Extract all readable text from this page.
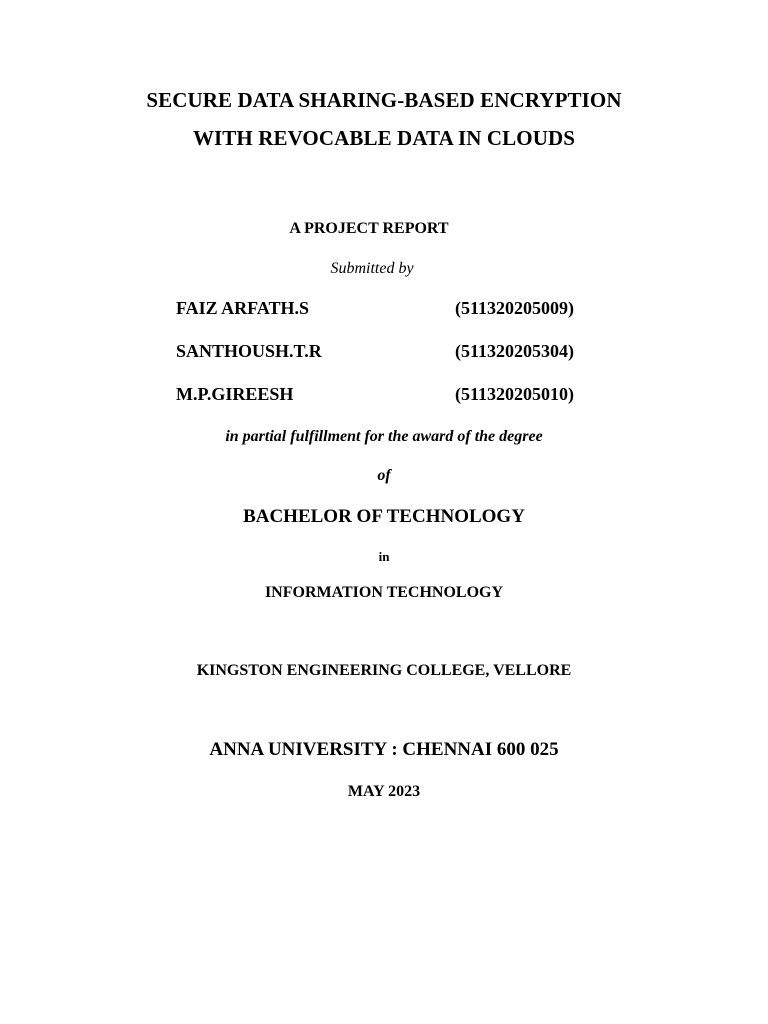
SECURE DATA SHARING-BASED ENCRYPTION
WITH REVOCABLE DATA IN CLOUDS
A PROJECT REPORT
Submitted by
FAIZ ARFATH.S	(511320205009)
SANTHOUSH.T.R	(511320205304)
M.P.GIREESH	(511320205010)
in partial fulfillment for the award of the degree
of
BACHELOR OF TECHNOLOGY
in
INFORMATION TECHNOLOGY
KINGSTON ENGINEERING COLLEGE, VELLORE
ANNA UNIVERSITY : CHENNAI 600 025
MAY 2023
